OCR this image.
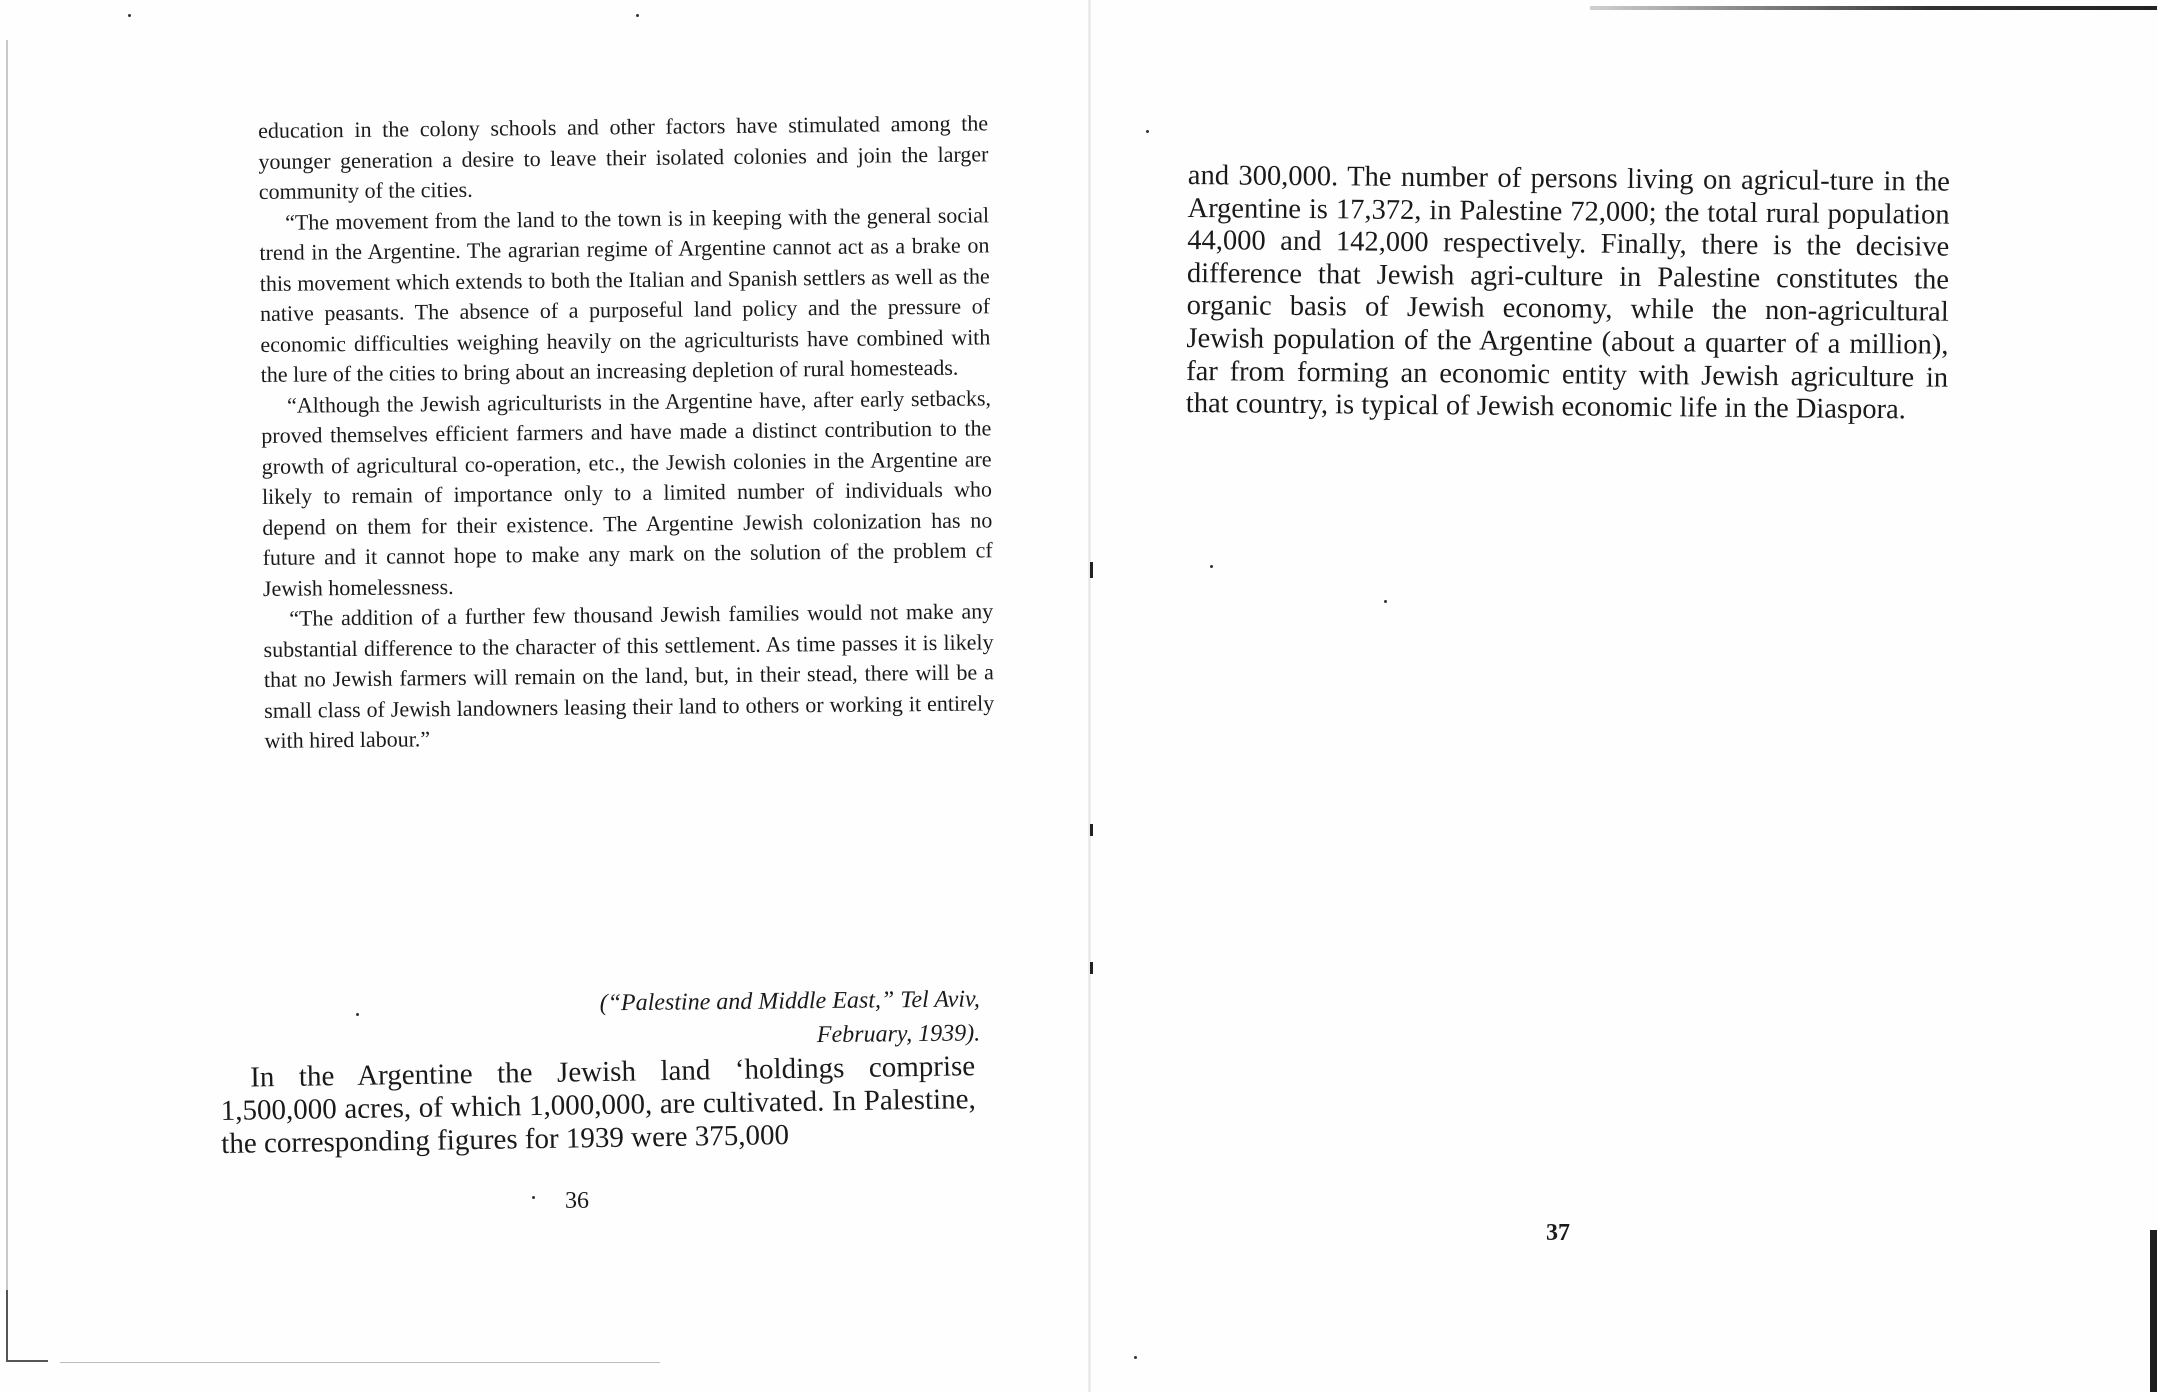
education in the colony schools and other factors have stimulated among the younger generation a desire to leave their isolated colonies and join the larger community of the cities.

“The movement from the land to the town is in keeping with the general social trend in the Argentine. The agrarian regime of Argentine cannot act as a brake on this movement which extends to both the Italian and Spanish settlers as well as the native peasants. The absence of a purposeful land policy and the pressure of economic difficulties weighing heavily on the agriculturists have combined with the lure of the cities to bring about an increasing depletion of rural homesteads.

“Although the Jewish agriculturists in the Argentine have, after early setbacks, proved themselves efficient farmers and have made a distinct contribution to the growth of agricultural co-operation, etc., the Jewish colonies in the Argentine are likely to remain of importance only to a limited number of individuals who depend on them for their existence. The Argentine Jewish colonization has no future and it cannot hope to make any mark on the solution of the problem cf Jewish homelessness.

“The addition of a further few thousand Jewish families would not make any substantial difference to the character of this settlement. As time passes it is likely that no Jewish farmers will remain on the land, but, in their stead, there will be a small class of Jewish landowners leasing their land to others or working it entirely with hired labour.”

(“Palestine and Middle East,” Tel Aviv,
February, 1939).
In the Argentine the Jewish land ‘holdings comprise 1,500,000 acres, of which 1,000,000, are cultivated. In Palestine, the corresponding figures for 1939 were 375,000
36

and 300,000. The number of persons living on agricul-ture in the Argentine is 17,372, in Palestine 72,000; the total rural population 44,000 and 142,000 respectively. Finally, there is the decisive difference that Jewish agri-culture in Palestine constitutes the organic basis of Jewish economy, while the non-agricultural Jewish population of the Argentine (about a quarter of a million), far from forming an economic entity with Jewish agriculture in that country, is typical of Jewish economic life in the Diaspora.

37
